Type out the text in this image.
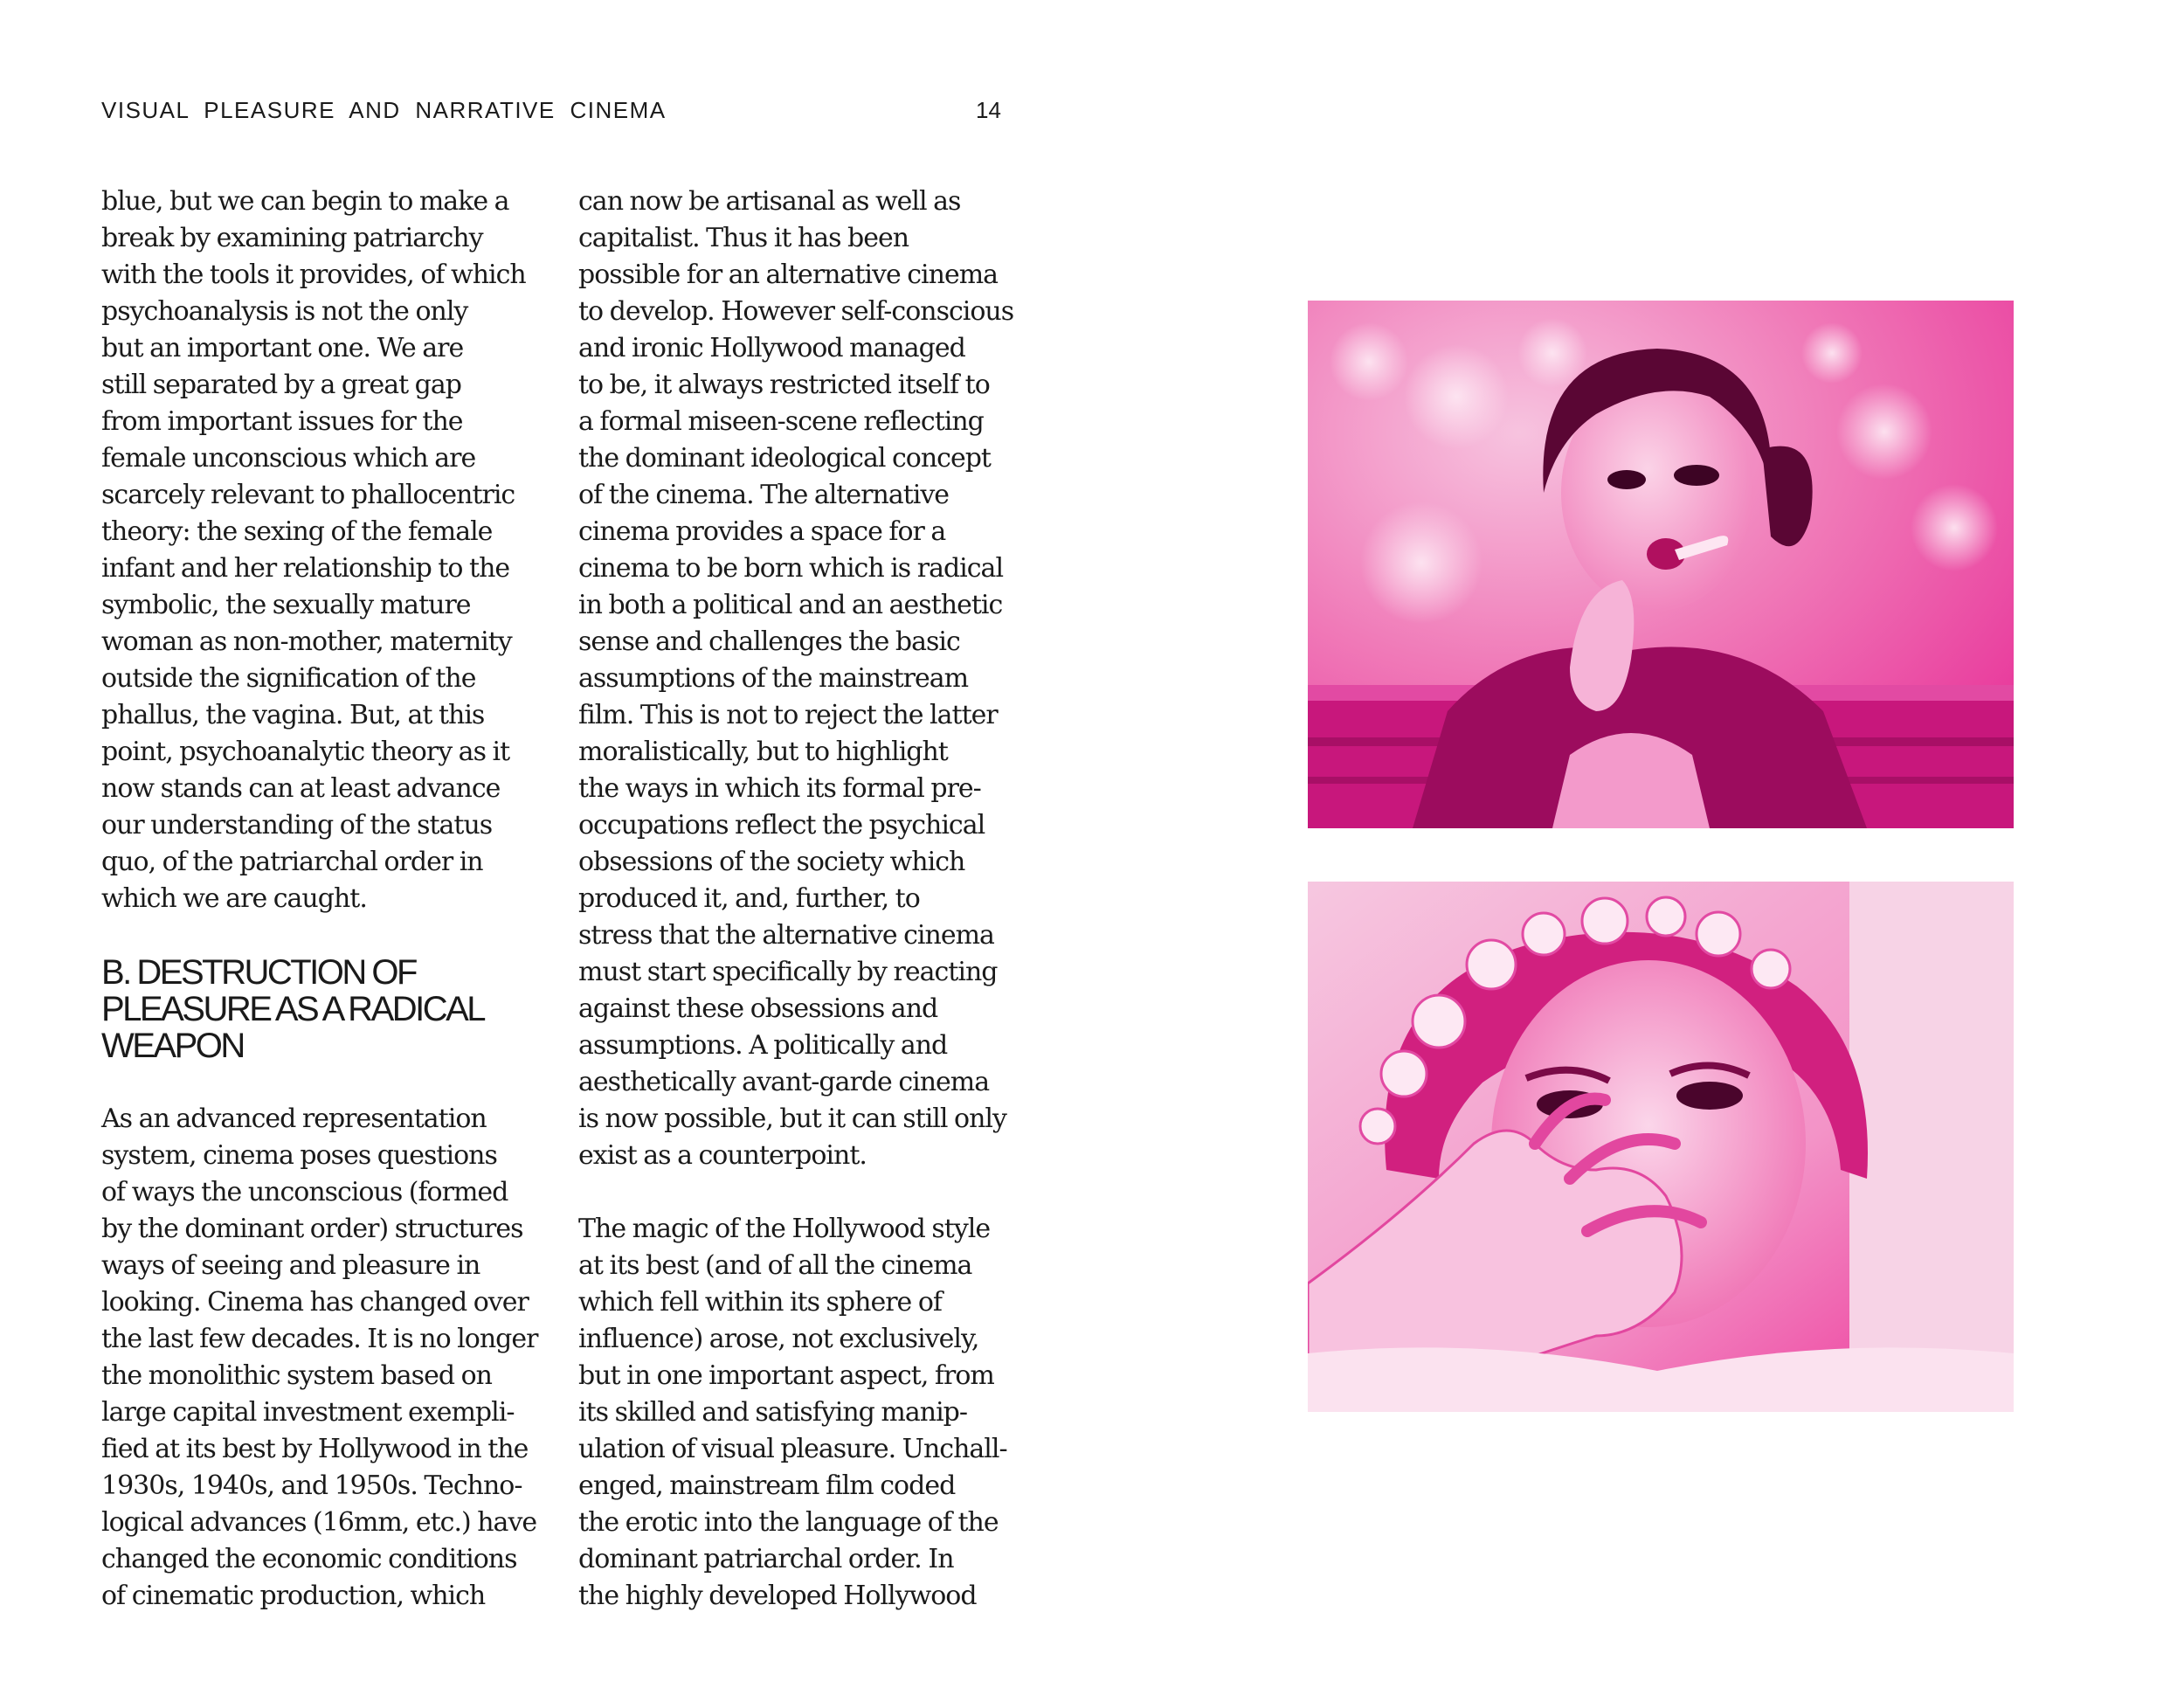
VISUAL PLEASURE AND NARRATIVE CINEMA	14
blue, but we can begin to make a
break by examining patriarchy
with the tools it provides, of which
psychoanalysis is not the only
but an important one. We are
still separated by a great gap
from important issues for the
female unconscious which are
scarcely relevant to phallocentric
theory: the sexing of the female
infant and her relationship to the
symbolic, the sexually mature
woman as non-mother, maternity
outside the signification of the
phallus, the vagina. But, at this
point, psychoanalytic theory as it
now stands can at least advance
our understanding of the status
quo, of the patriarchal order in
which we are caught.
B. DESTRUCTION OF
PLEASURE AS A RADICAL
WEAPON
As an advanced representation
system, cinema poses questions
of ways the unconscious (formed
by the dominant order) structures
ways of seeing and pleasure in
looking. Cinema has changed over
the last few decades. It is no longer
the monolithic system based on
large capital investment exempli-
fied at its best by Hollywood in the
1930s, 1940s, and 1950s. Techno-
logical advances (16mm, etc.) have
changed the economic conditions
of cinematic production, which
can now be artisanal as well as
capitalist. Thus it has been
possible for an alternative cinema
to develop. However self-conscious
and ironic Hollywood managed
to be, it always restricted itself to
a formal miseen-scene reflecting
the dominant ideological concept
of the cinema. The alternative
cinema provides a space for a
cinema to be born which is radical
in both a political and an aesthetic
sense and challenges the basic
assumptions of the mainstream
film. This is not to reject the latter
moralistically, but to highlight
the ways in which its formal pre-
occupations reflect the psychical
obsessions of the society which
produced it, and, further, to
stress that the alternative cinema
must start specifically by reacting
against these obsessions and
assumptions. A politically and
aesthetically avant-garde cinema
is now possible, but it can still only
exist as a counterpoint.
The magic of the Hollywood style
at its best (and of all the cinema
which fell within its sphere of
influence) arose, not exclusively,
but in one important aspect, from
its skilled and satisfying manip-
ulation of visual pleasure. Unchall-
enged, mainstream film coded
the erotic into the language of the
dominant patriarchal order. In
the highly developed Hollywood
